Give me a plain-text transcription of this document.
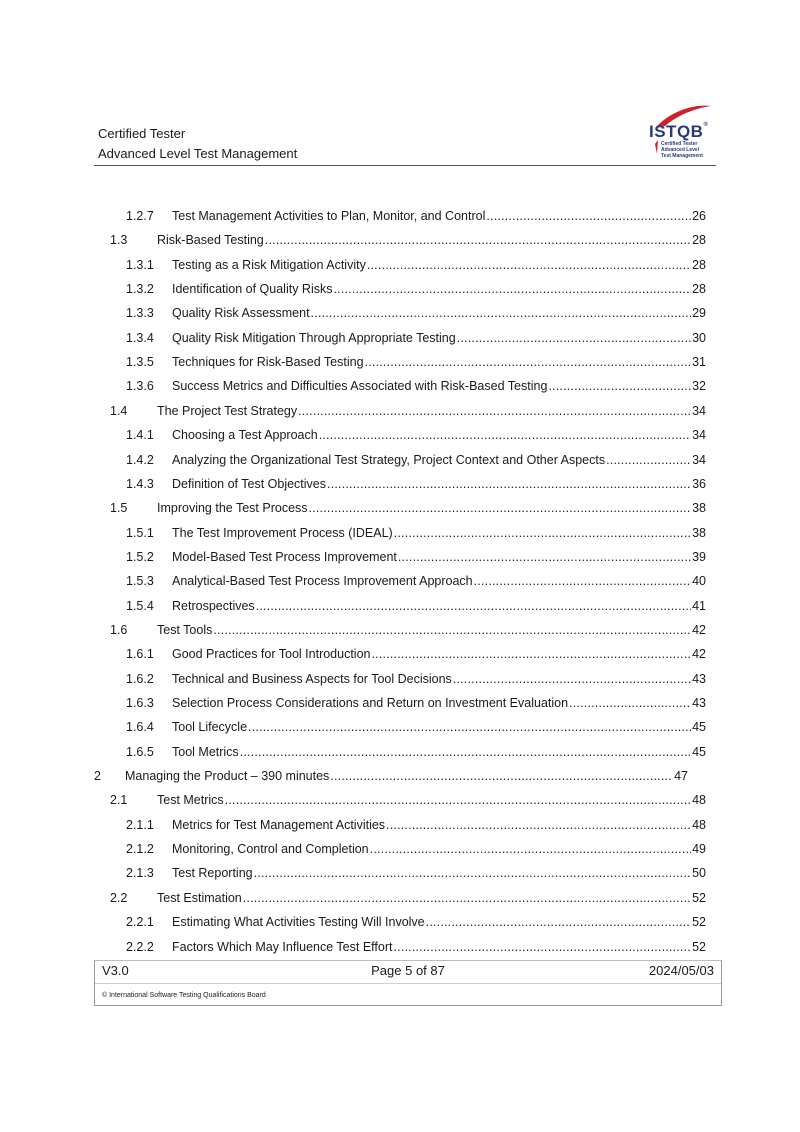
Certified Tester
Advanced Level Test Management
ISTQB®
Certified Tester
Advanced Level
Test Management
1.2.7	Test Management Activities to Plan, Monitor, and Control .....	26
1.3	Risk-Based Testing .....	28
1.3.1	Testing as a Risk Mitigation Activity .....	28
1.3.2	Identification of Quality Risks .....	28
1.3.3	Quality Risk Assessment .....	29
1.3.4	Quality Risk Mitigation Through Appropriate Testing .....	30
1.3.5	Techniques for Risk-Based Testing .....	31
1.3.6	Success Metrics and Difficulties Associated with Risk-Based Testing .....	32
1.4	The Project Test Strategy .....	34
1.4.1	Choosing a Test Approach .....	34
1.4.2	Analyzing the Organizational Test Strategy, Project Context and Other Aspects .....	34
1.4.3	Definition of Test Objectives .....	36
1.5	Improving the Test Process .....	38
1.5.1	The Test Improvement Process (IDEAL) .....	38
1.5.2	Model-Based Test Process Improvement .....	39
1.5.3	Analytical-Based Test Process Improvement Approach .....	40
1.5.4	Retrospectives .....	41
1.6	Test Tools .....	42
1.6.1	Good Practices for Tool Introduction .....	42
1.6.2	Technical and Business Aspects for Tool Decisions .....	43
1.6.3	Selection Process Considerations and Return on Investment Evaluation .....	43
1.6.4	Tool Lifecycle .....	45
1.6.5	Tool Metrics .....	45
2	Managing the Product – 390 minutes .....	47
2.1	Test Metrics .....	48
2.1.1	Metrics for Test Management Activities .....	48
2.1.2	Monitoring, Control and Completion .....	49
2.1.3	Test Reporting .....	50
2.2	Test Estimation .....	52
2.2.1	Estimating What Activities Testing Will Involve .....	52
2.2.2	Factors Which May Influence Test Effort .....	52
V3.0	Page 5 of 87	2024/05/03
© International Software Testing Qualifications Board
